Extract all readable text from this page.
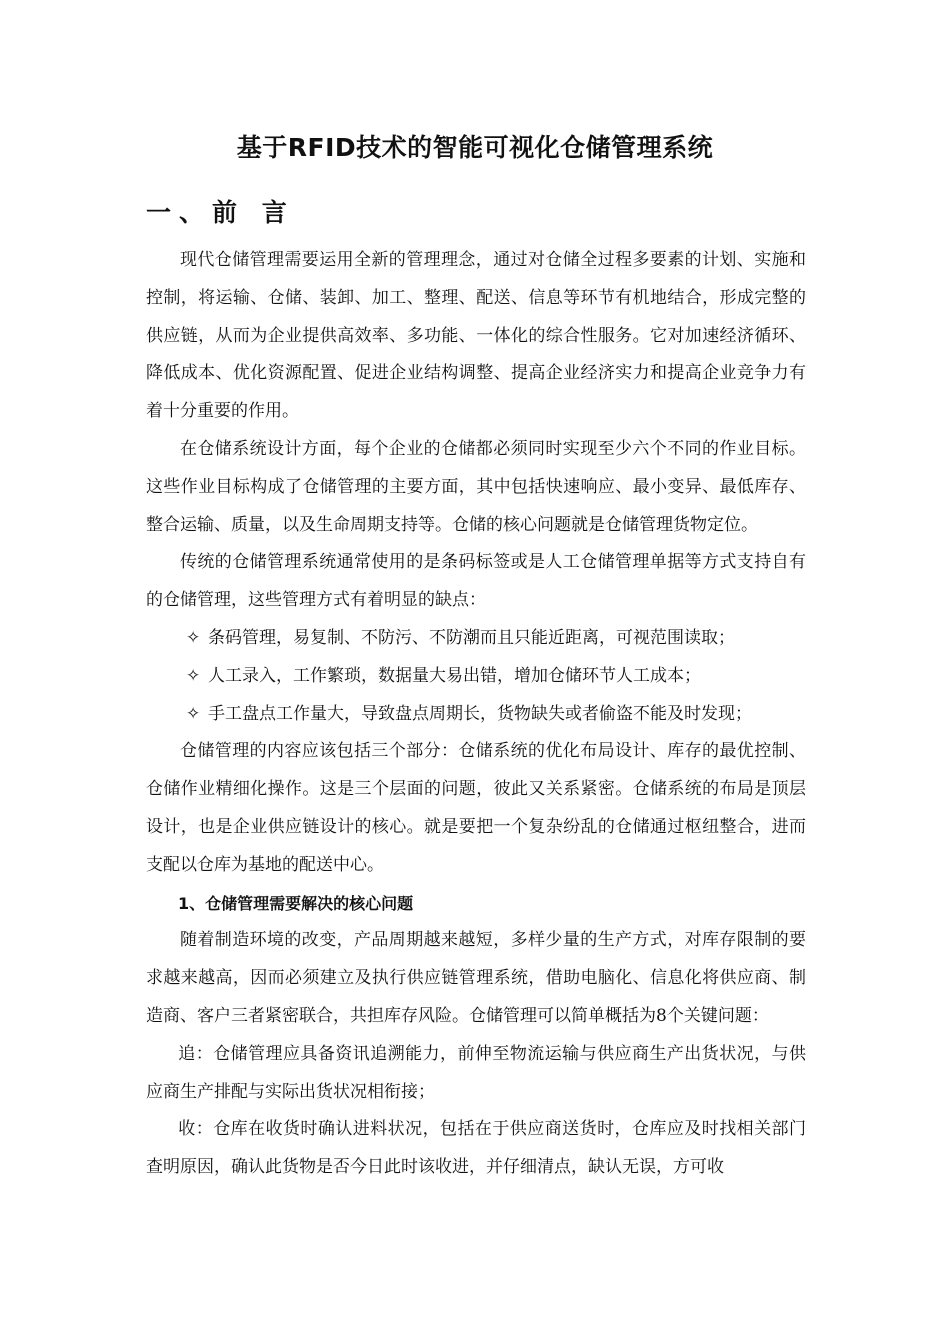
基于RFID技术的智能可视化仓储管理系统
一、前 言

现代仓储管理需要运用全新的管理理念，通过对仓储全过程多要素的计划、实施和控制，将运输、仓储、装卸、加工、整理、配送、信息等环节有机地结合，形成完整的供应链，从而为企业提供高效率、多功能、一体化的综合性服务。它对加速经济循环、降低成本、优化资源配置、促进企业结构调整、提高企业经济实力和提高企业竞争力有着十分重要的作用。

在仓储系统设计方面，每个企业的仓储都必须同时实现至少六个不同的作业目标。这些作业目标构成了仓储管理的主要方面，其中包括快速响应、最小变异、最低库存、整合运输、质量，以及生命周期支持等。仓储的核心问题就是仓储管理货物定位。

传统的仓储管理系统通常使用的是条码标签或是人工仓储管理单据等方式支持自有的仓储管理，这些管理方式有着明显的缺点：

✧ 条码管理，易复制、不防污、不防潮而且只能近距离，可视范围读取；

✧ 人工录入，工作繁琐，数据量大易出错，增加仓储环节人工成本；

✧ 手工盘点工作量大，导致盘点周期长，货物缺失或者偷盗不能及时发现；

仓储管理的内容应该包括三个部分：仓储系统的优化布局设计、库存的最优控制、仓储作业精细化操作。这是三个层面的问题，彼此又关系紧密。仓储系统的布局是顶层设计，也是企业供应链设计的核心。就是要把一个复杂纷乱的仓储通过枢纽整合，进而支配以仓库为基地的配送中心。

1、仓储管理需要解决的核心问题

随着制造环境的改变，产品周期越来越短，多样少量的生产方式，对库存限制的要求越来越高，因而必须建立及执行供应链管理系统，借助电脑化、信息化将供应商、制造商、客户三者紧密联合，共担库存风险。仓储管理可以简单概括为8个关键问题：

追：仓储管理应具备资讯追溯能力，前伸至物流运输与供应商生产出货状况，与供应商生产排配与实际出货状况相衔接；

收：仓库在收货时确认进料状况，包括在于供应商送货时，仓库应及时找相关部门查明原因，确认此货物是否今日此时该收进，并仔细清点，缺认无误，方可收
